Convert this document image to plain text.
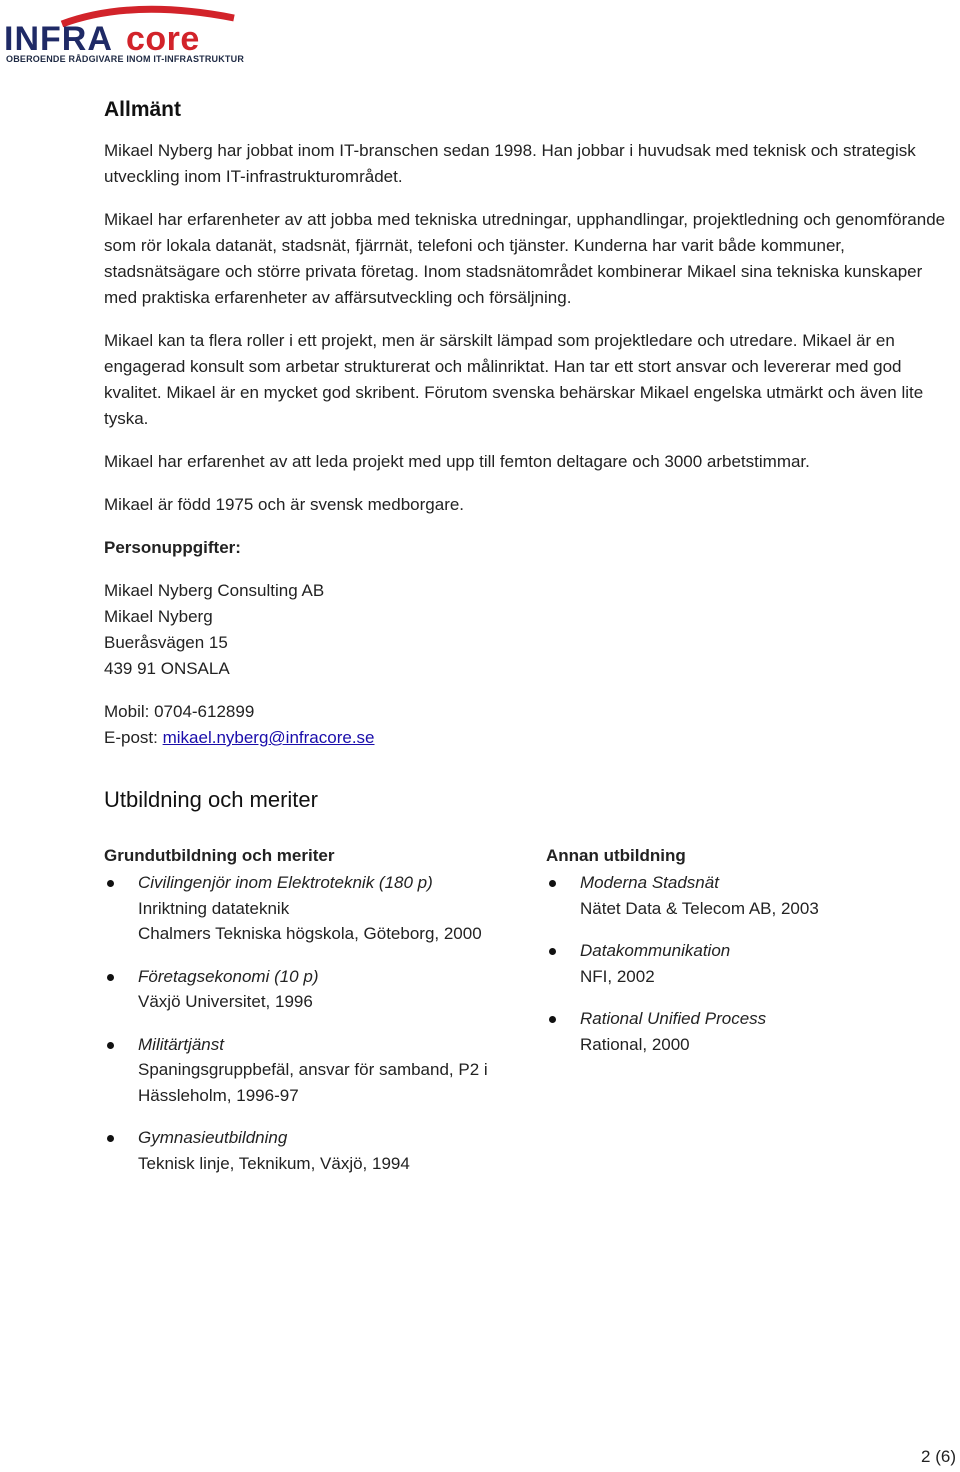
INFRA core
OBEROENDE RÅDGIVARE INOM IT-INFRASTRUKTUR
Allmänt

Mikael Nyberg har jobbat inom IT-branschen sedan 1998. Han jobbar i huvudsak med teknisk och strategisk utveckling inom IT-infrastrukturområdet.

Mikael har erfarenheter av att jobba med tekniska utredningar, upphandlingar, projektledning och genomförande som rör lokala datanät, stadsnät, fjärrnät, telefoni och tjänster. Kunderna har varit både kommuner, stadsnätsägare och större privata företag. Inom stadsnätområdet kombinerar Mikael sina tekniska kunskaper med praktiska erfarenheter av affärsutveckling och försäljning.

Mikael kan ta flera roller i ett projekt, men är särskilt lämpad som projektledare och utredare. Mikael är en engagerad konsult som arbetar strukturerat och målinriktat. Han tar ett stort ansvar och levererar med god kvalitet. Mikael är en mycket god skribent. Förutom svenska behärskar Mikael engelska utmärkt och även lite tyska.

Mikael har erfarenhet av att leda projekt med upp till femton deltagare och 3000 arbetstimmar.

Mikael är född 1975 och är svensk medborgare.

Personuppgifter:

Mikael Nyberg Consulting AB

Mikael Nyberg

Bueråsvägen 15

439 91 ONSALA

Mobil: 0704-612899

E-post: mikael.nyberg@infracore.se

Utbildning och meriter
Grundutbildning och meriter
Civilingenjör inom Elektroteknik (180 p)
Inriktning datateknik
Chalmers Tekniska högskola, Göteborg, 2000
Företagsekonomi (10 p)
Växjö Universitet, 1996
Militärtjänst
Spaningsgruppbefäl, ansvar för samband, P2 i Hässleholm, 1996-97
Gymnasieutbildning
Teknisk linje, Teknikum, Växjö, 1994
Annan utbildning
Moderna Stadsnät
Nätet Data & Telecom AB, 2003
Datakommunikation
NFI, 2002
Rational Unified Process
Rational, 2000
2 (6)
